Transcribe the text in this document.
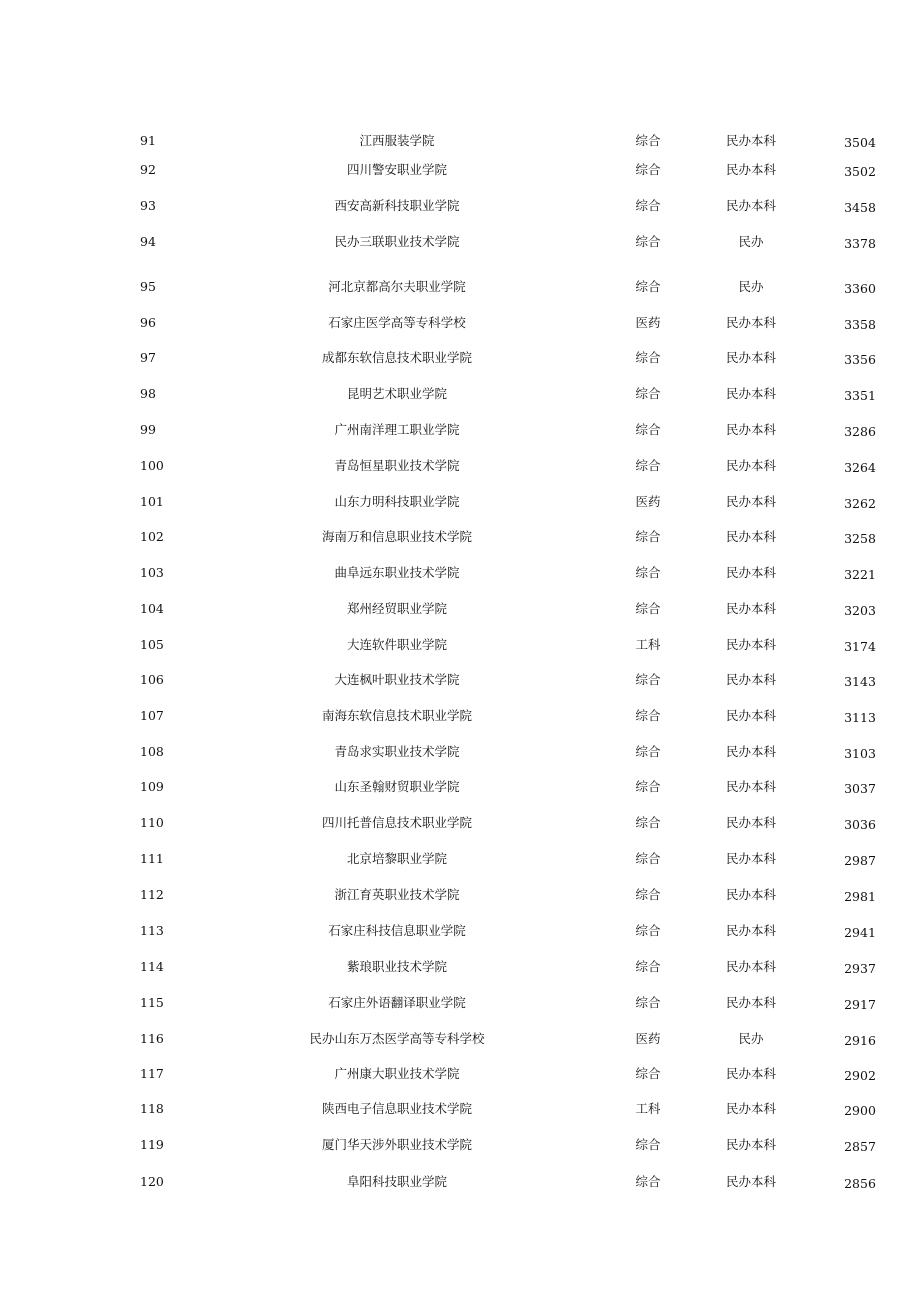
91	江西服装学院	综合	民办本科	3504
92	四川警安职业学院	综合	民办本科	3502
93	西安高新科技职业学院	综合	民办本科	3458
94	民办三联职业技术学院	综合	民办	3378
95	河北京都高尔夫职业学院	综合	民办	3360
96	石家庄医学高等专科学校	医药	民办本科	3358
97	成都东软信息技术职业学院	综合	民办本科	3356
98	昆明艺术职业学院	综合	民办本科	3351
99	广州南洋理工职业学院	综合	民办本科	3286
100	青岛恒星职业技术学院	综合	民办本科	3264
101	山东力明科技职业学院	医药	民办本科	3262
102	海南万和信息职业技术学院	综合	民办本科	3258
103	曲阜远东职业技术学院	综合	民办本科	3221
104	郑州经贸职业学院	综合	民办本科	3203
105	大连软件职业学院	工科	民办本科	3174
106	大连枫叶职业技术学院	综合	民办本科	3143
107	南海东软信息技术职业学院	综合	民办本科	3113
108	青岛求实职业技术学院	综合	民办本科	3103
109	山东圣翰财贸职业学院	综合	民办本科	3037
110	四川托普信息技术职业学院	综合	民办本科	3036
111	北京培黎职业学院	综合	民办本科	2987
112	浙江育英职业技术学院	综合	民办本科	2981
113	石家庄科技信息职业学院	综合	民办本科	2941
114	紫琅职业技术学院	综合	民办本科	2937
115	石家庄外语翻译职业学院	综合	民办本科	2917
116	民办山东万杰医学高等专科学校	医药	民办	2916
117	广州康大职业技术学院	综合	民办本科	2902
118	陕西电子信息职业技术学院	工科	民办本科	2900
119	厦门华天涉外职业技术学院	综合	民办本科	2857
120	阜阳科技职业学院	综合	民办本科	2856
